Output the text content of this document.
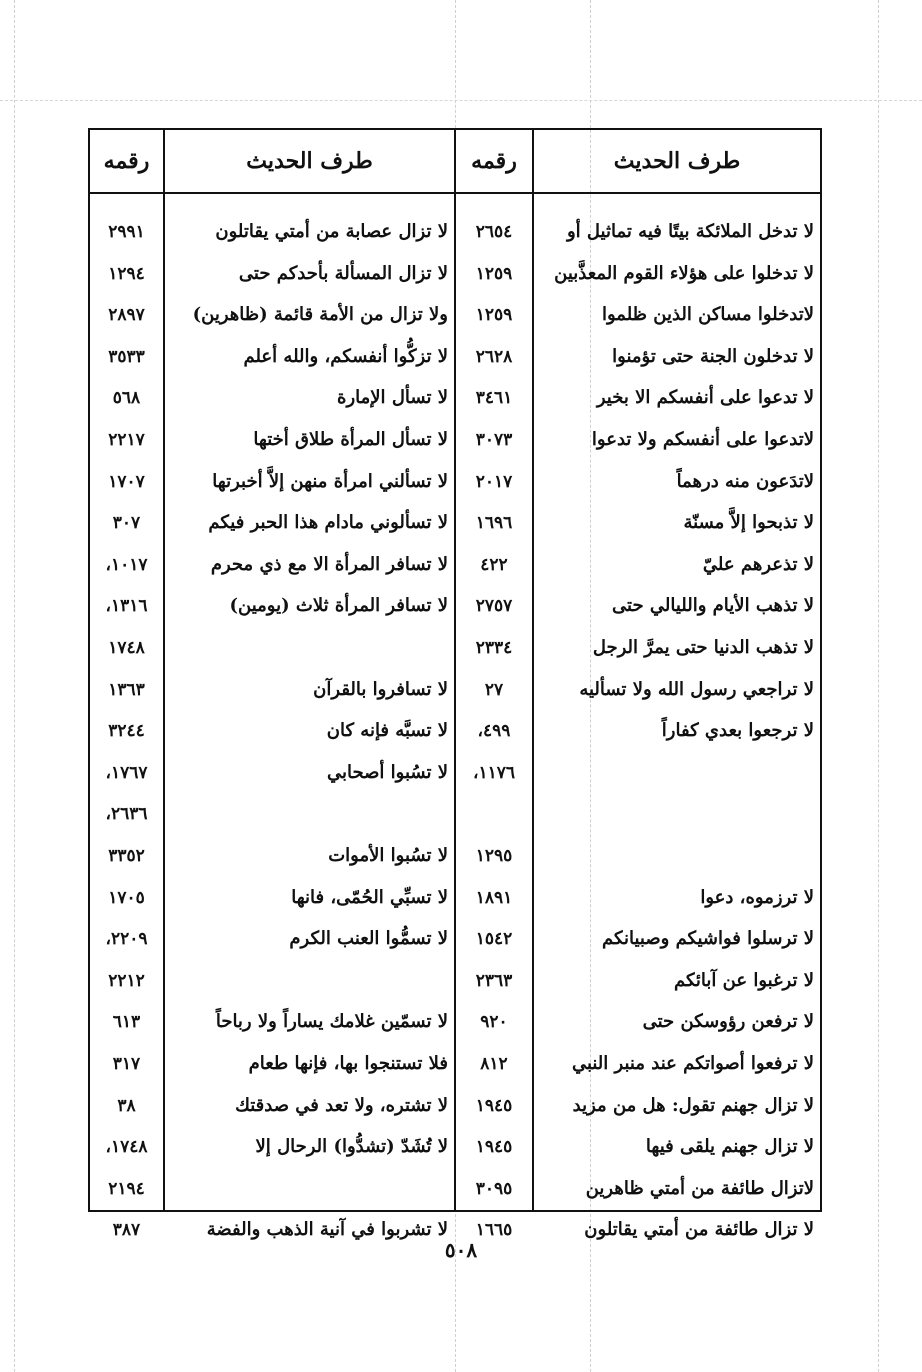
طرف الحديث
رقمه
طرف الحديث
رقمه
لا تدخل الملائكة بيتًا فيه تماثيل أو
٢٦٥٤
لا تزال عصابة من أمتي يقاتلون
٢٩٩١
لا تدخلوا على هؤلاء القوم المعذَّبين
١٢٥٩
لا تزال المسألة بأحدكم حتى
١٢٩٤
لاتدخلوا مساكن الذين ظلموا
١٢٥٩
ولا تزال من الأمة قائمة (ظاهرين)
٢٨٩٧
لا تدخلون الجنة حتى تؤمنوا
٢٦٢٨
لا تزكُّوا أنفسكم، والله أعلم
٣٥٣٣
لا تدعوا على أنفسكم الا بخير
٣٤٦١
لا تسأل الإمارة
٥٦٨
لاتدعوا على أنفسكم ولا تدعوا
٣٠٧٣
لا تسأل المرأة طلاق أختها
٢٢١٧
لاتدَعون منه درهماً
٢٠١٧
لا تسألني امرأة منهن إلاَّ أخبرتها
١٧٠٧
لا تذبحوا إلاَّ مسنّة
١٦٩٦
لا تسألوني مادام هذا الحبر فيكم
٣٠٧
لا تذعرهم عليّ
٤٢٢
لا تسافر المرأة الا مع ذي محرم
١٠١٧،
لا تذهب الأيام والليالي حتى
٢٧٥٧
لا تسافر المرأة ثلاث (يومين)
١٣١٦،
لا تذهب الدنيا حتى يمرَّ الرجل
٢٣٣٤
١٧٤٨
لا تراجعي رسول الله ولا تسأليه
٢٧
لا تسافروا بالقرآن
١٣٦٣
لا ترجعوا بعدي كفاراً
٤٩٩،
لا تسبَّه فإنه كان
٣٢٤٤
١١٧٦،
لا تسُبوا أصحابي
١٧٦٧،
٢٦٣٦،
١٢٩٥
لا تسُبوا الأموات
٣٣٥٢
لا ترزموه، دعوا
١٨٩١
لا تسبِّي الحُمّى، فانها
١٧٠٥
لا ترسلوا فواشيكم وصبيانكم
١٥٤٢
لا تسمُّوا العنب الكرم
٢٢٠٩،
لا ترغبوا عن آبائكم
٢٣٦٣
٢٢١٢
لا ترفعن رؤوسكن حتى
٩٢٠
لا تسمّين غلامك يساراً ولا رباحاً
٦١٣
لا ترفعوا أصواتكم عند منبر النبي
٨١٢
فلا تستنجوا بها، فإنها طعام
٣١٧
لا تزال جهنم تقول: هل من مزيد
١٩٤٥
لا تشتره، ولا تعد في صدقتك
٣٨
لا تزال جهنم يلقى فيها
١٩٤٥
لا تُشَدّ (تشدُّوا) الرحال إلا
١٧٤٨،
لاتزال طائفة من أمتي ظاهرين
٣٠٩٥
٢١٩٤
لا تزال طائفة من أمتي يقاتلون
١٦٦٥
لا تشربوا في آنية الذهب والفضة
٣٨٧
٥٠٨
